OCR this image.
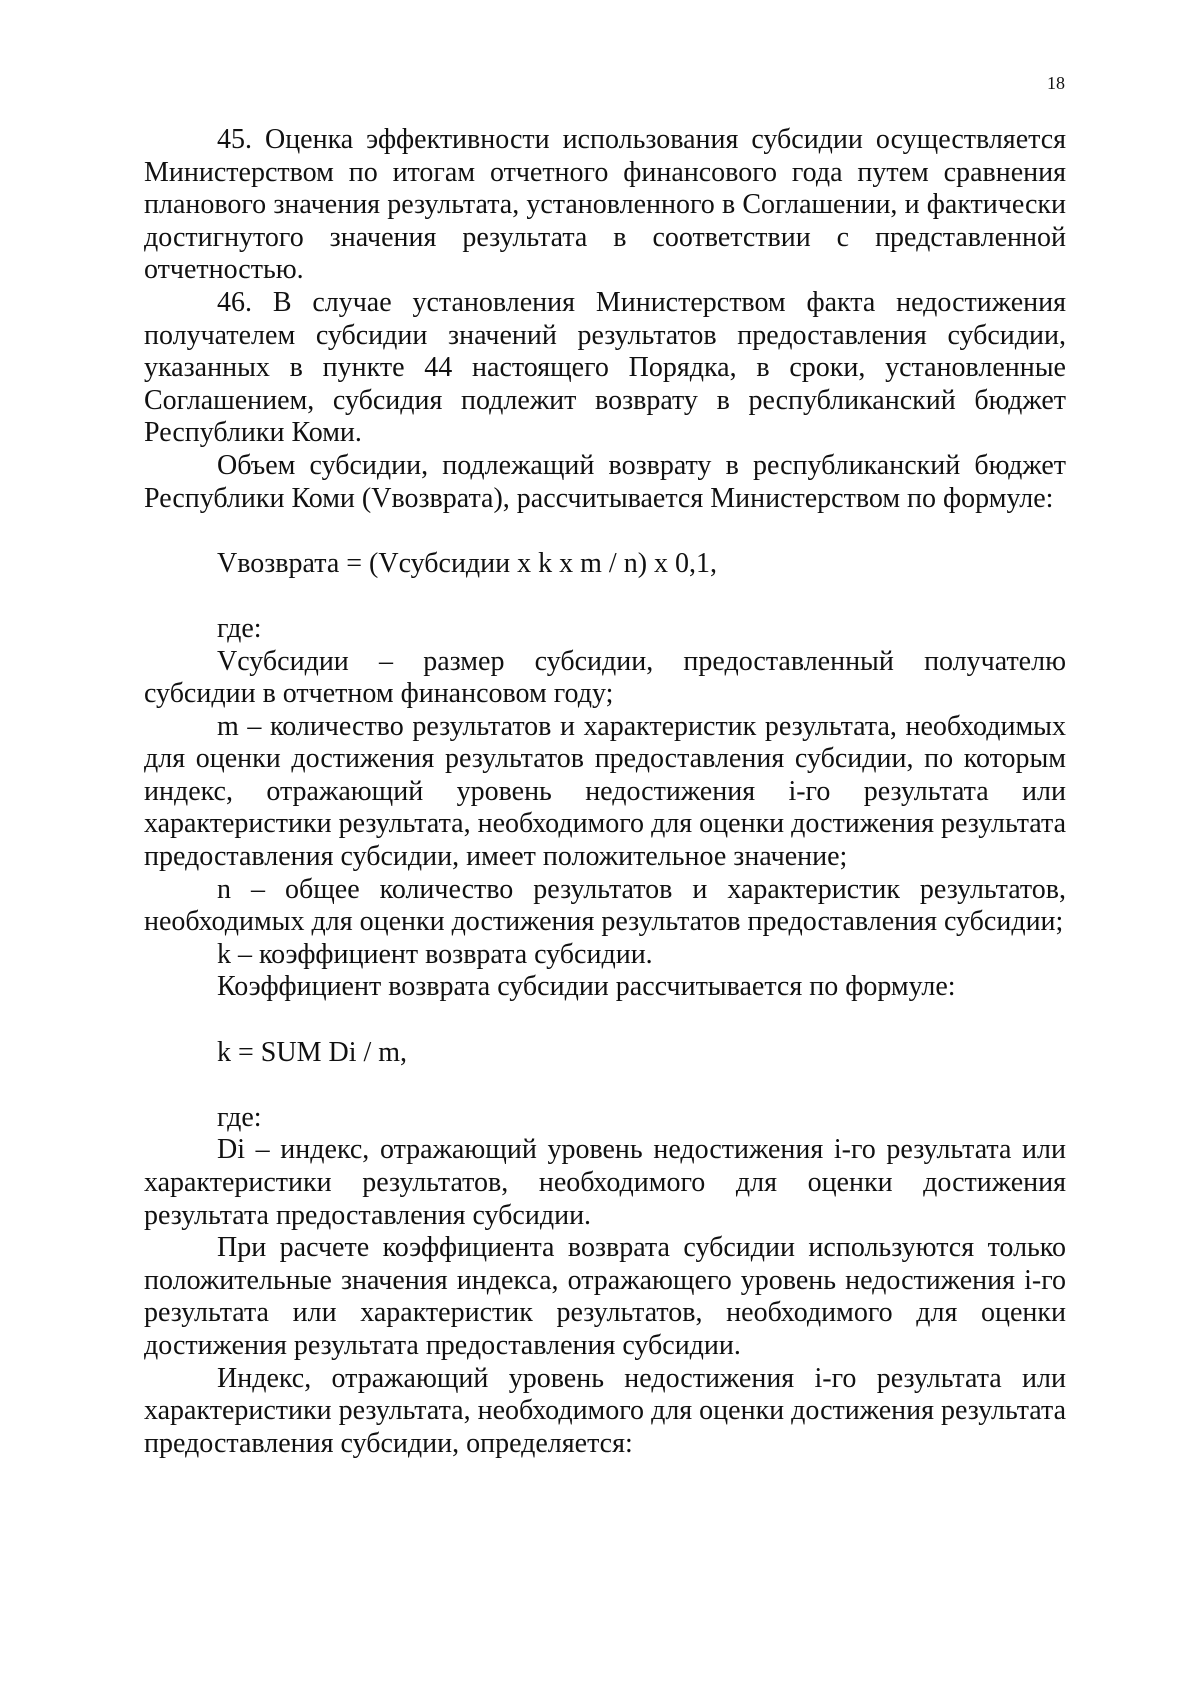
18

45. Оценка эффективности использования субсидии осуществляется Министерством по итогам отчетного финансового года путем сравнения планового значения результата, установленного в Соглашении, и фактически достигнутого значения результата в соответствии с представленной отчетностью.

46. В случае установления Министерством факта недостижения получателем субсидии значений результатов предоставления субсидии, указанных в пункте 44 настоящего Порядка, в сроки, установленные Соглашением, субсидия подлежит возврату в республиканский бюджет Республики Коми.

Объем субсидии, подлежащий возврату в республиканский бюджет Республики Коми (Vвозврата), рассчитывается Министерством по формуле:

Vвозврата = (Vсубсидии x k x m / n) x 0,1,

где:

Vсубсидии – размер субсидии, предоставленный получателю субсидии в отчетном финансовом году;

m – количество результатов и характеристик результата, необходимых для оценки достижения результатов предоставления субсидии, по которым индекс, отражающий уровень недостижения i-го результата или характеристики результата, необходимого для оценки достижения результата предоставления субсидии, имеет положительное значение;

n – общее количество результатов и характеристик результатов, необходимых для оценки достижения результатов предоставления субсидии;

k – коэффициент возврата субсидии.

Коэффициент возврата субсидии рассчитывается по формуле:

k = SUM Di / m,

где:

Di – индекс, отражающий уровень недостижения i-го результата или характеристики результатов, необходимого для оценки достижения результата предоставления субсидии.

При расчете коэффициента возврата субсидии используются только положительные значения индекса, отражающего уровень недостижения i-го результата или характеристик результатов, необходимого для оценки достижения результата предоставления субсидии.

Индекс, отражающий уровень недостижения i-го результата или характеристики результата, необходимого для оценки достижения результата предоставления субсидии, определяется:
